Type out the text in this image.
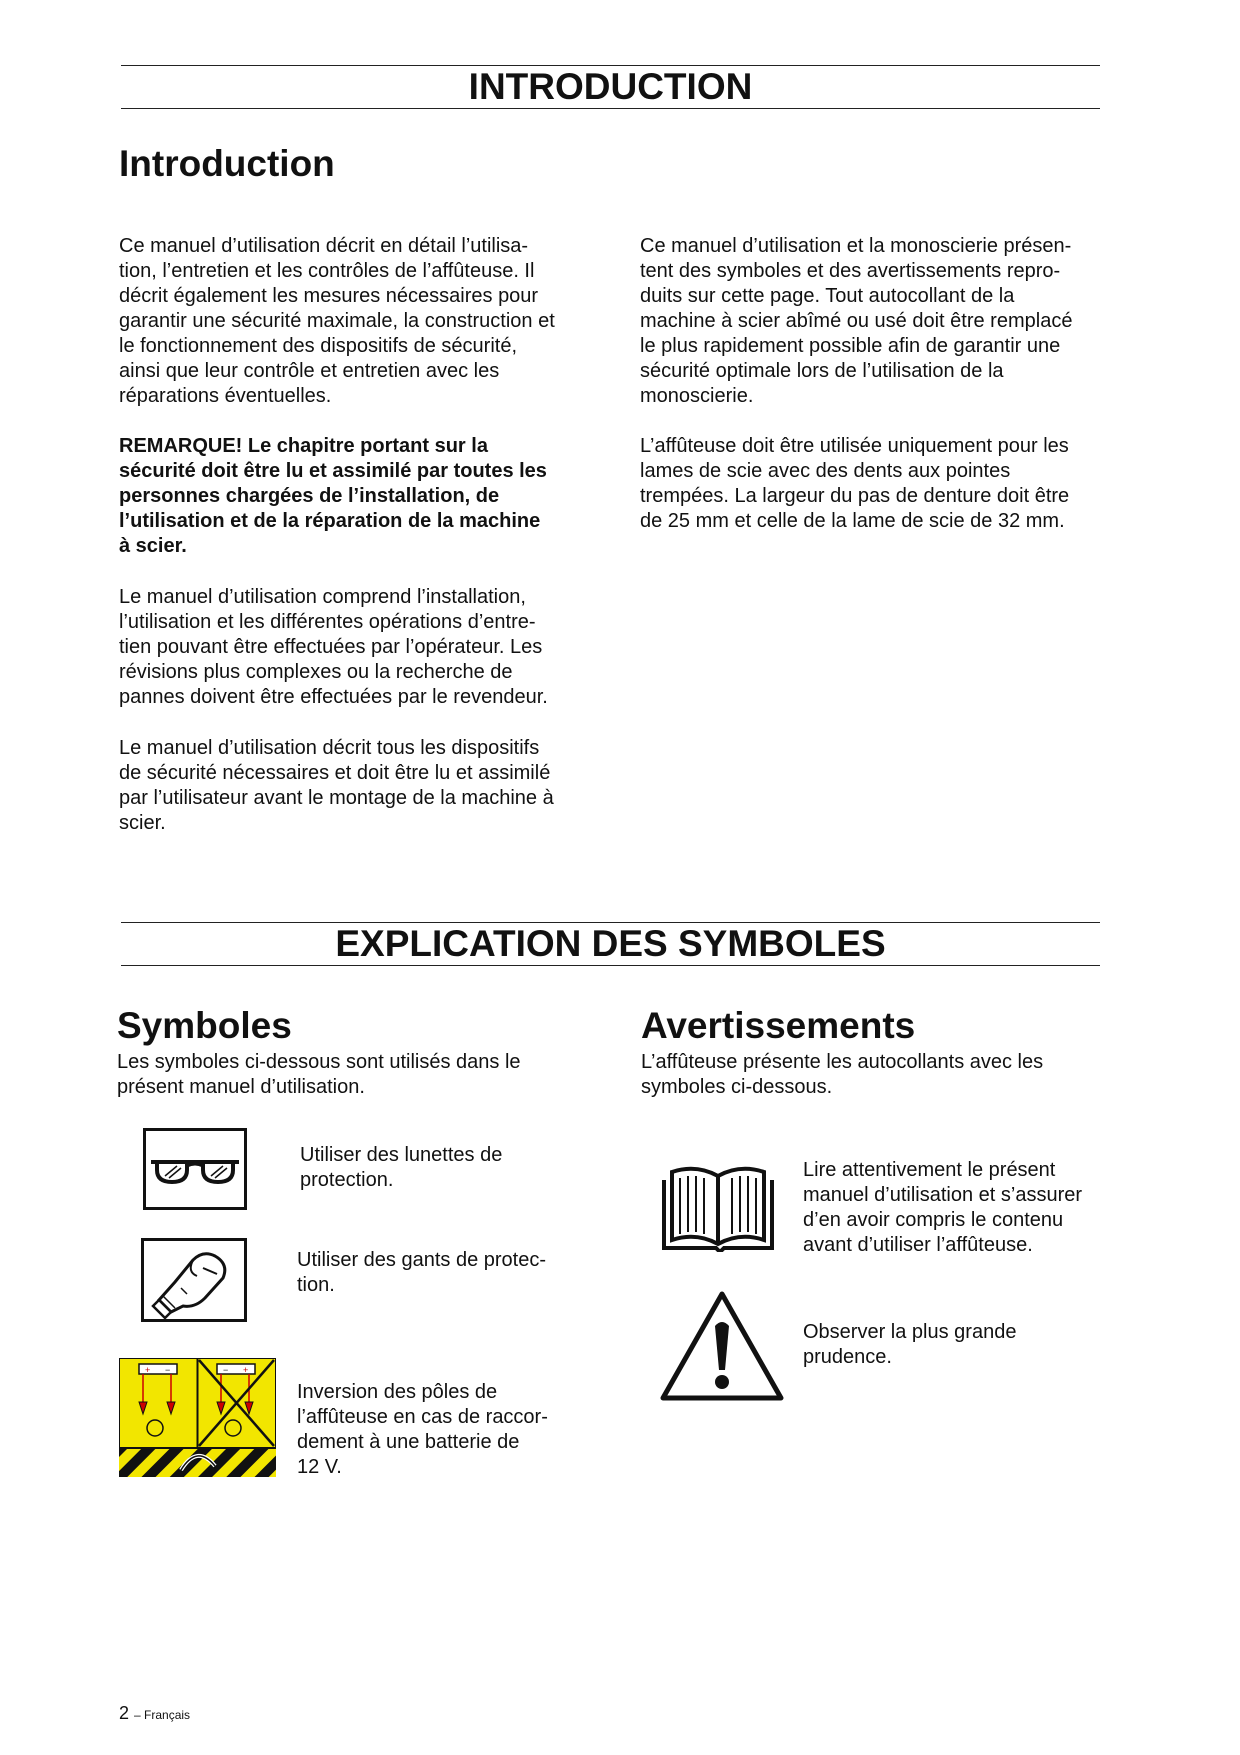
INTRODUCTION
Introduction

Ce manuel d’utilisation décrit en détail l’utilisa-
tion, l’entretien et les contrôles de l’affûteuse. Il
décrit également les mesures nécessaires pour
garantir une sécurité maximale, la construction et
le fonctionnement des dispositifs de sécurité,
ainsi que leur contrôle et entretien avec les
réparations éventuelles.

REMARQUE! Le chapitre portant sur la
sécurité doit être lu et assimilé par toutes les
personnes chargées de l’installation, de
l’utilisation et de la réparation de la machine
à scier.

Le manuel d’utilisation comprend l’installation,
l’utilisation et les différentes opérations d’entre-
tien pouvant être effectuées par l’opérateur. Les
révisions plus complexes ou la recherche de
pannes doivent être effectuées par le revendeur.

Le manuel d’utilisation décrit tous les dispositifs
de sécurité nécessaires et doit être lu et assimilé
par l’utilisateur avant le montage de la machine à
scier.

Ce manuel d’utilisation et la monoscierie présen-
tent des symboles et des avertissements repro-
duits sur cette page. Tout autocollant de la
machine à scier abîmé ou usé doit être remplacé
le plus rapidement possible afin de garantir une
sécurité optimale lors de l’utilisation de la
monoscierie.

L’affûteuse doit être utilisée uniquement pour les
lames de scie avec des dents aux pointes
trempées. La largeur du pas de denture doit être
de 25 mm et celle de la lame de scie de 32 mm.

EXPLICATION DES SYMBOLES
Symboles	Avertissements

Les symboles ci-dessous sont utilisés dans le
présent manuel d’utilisation.

L’affûteuse présente les autocollants avec les
symboles ci-dessous.

Utiliser des lunettes de
protection.

Utiliser des gants de protec-
tion.

+ −	− +

Inversion des pôles de
l’affûteuse en cas de raccor-
dement à une batterie de
12 V.

Lire attentivement le présent
manuel d’utilisation et s’assurer
d’en avoir compris le contenu
avant d’utiliser l’affûteuse.

Observer la plus grande
prudence.

2 – Français
